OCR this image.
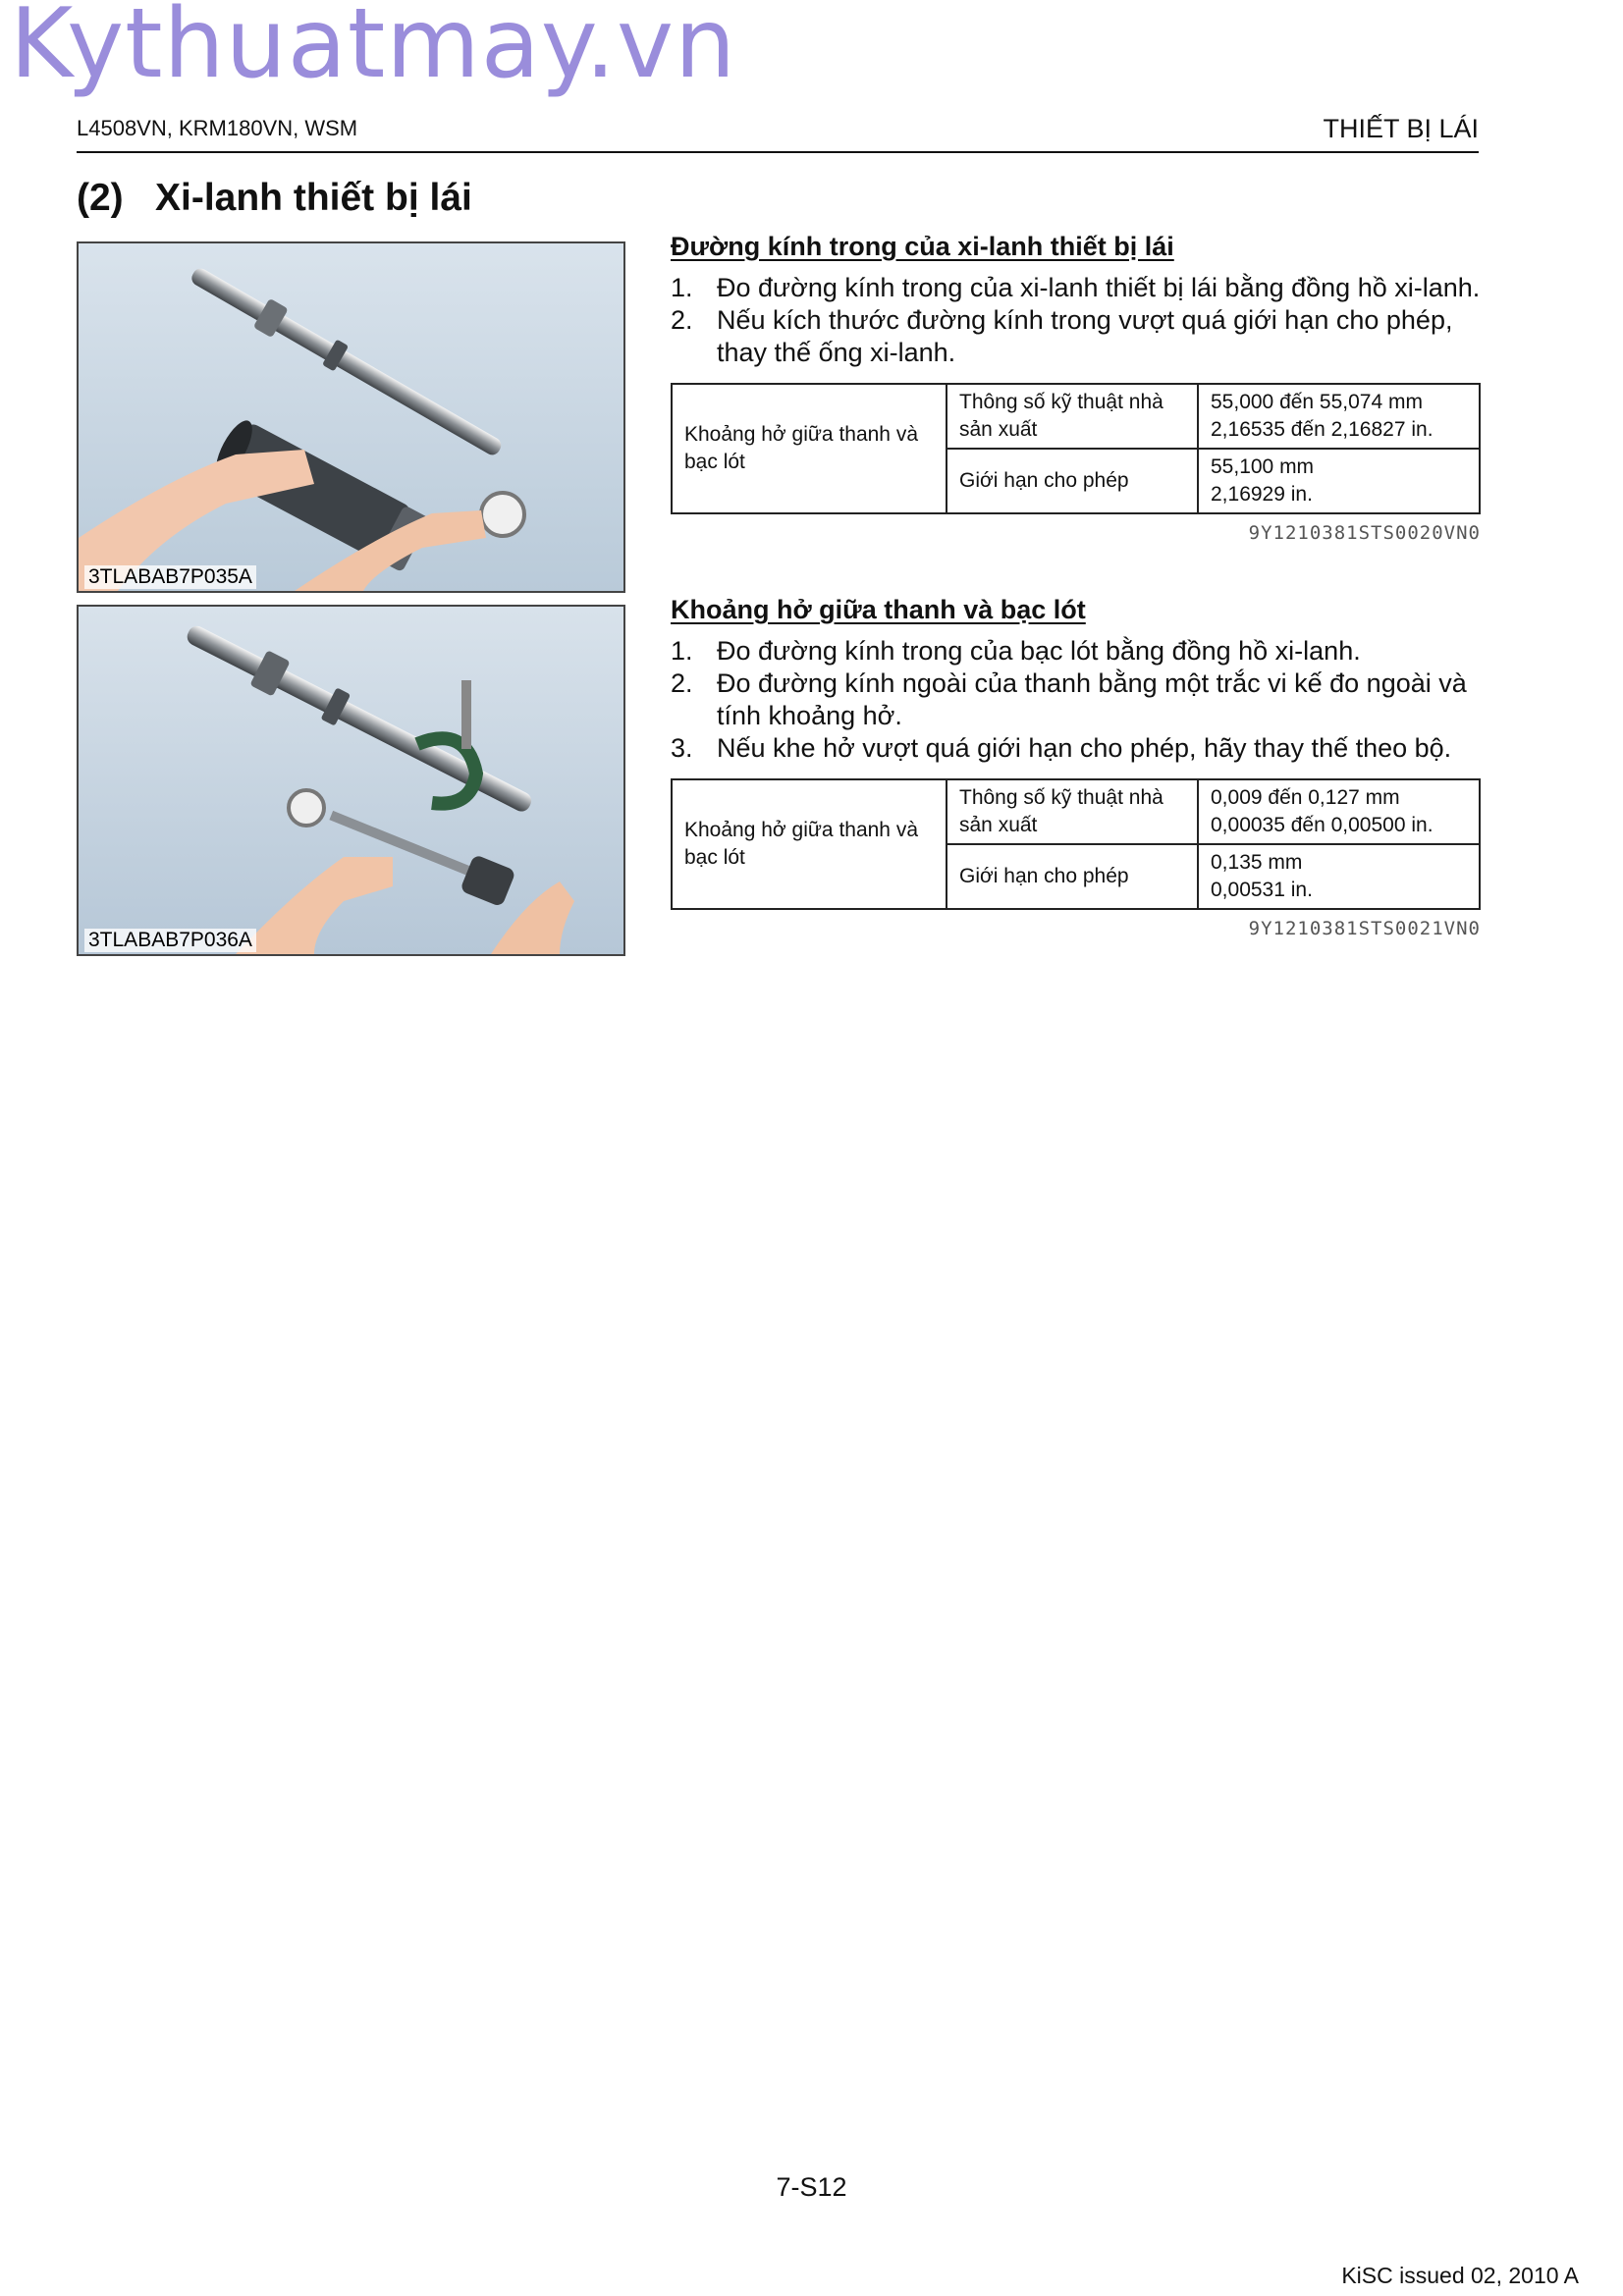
Kythuatmay.vn
L4508VN, KRM180VN, WSM	THIẾT BỊ LÁI
(2) Xi-lanh thiết bị lái
3TLABAB7P035A
3TLABAB7P036A
Đường kính trong của xi-lanh thiết bị lái
1. Đo đường kính trong của xi-lanh thiết bị lái bằng đồng hồ xi-lanh.
2. Nếu kích thước đường kính trong vượt quá giới hạn cho phép, thay thế ống xi-lanh.
Khoảng hở giữa thanh và bạc lót	Thông số kỹ thuật nhà sản xuất	55,000 đến 55,074 mm
2,16535 đến 2,16827 in.

	Giới hạn cho phép	55,100 mm
2,16929 in.
9Y1210381STS0020VN0
Khoảng hở giữa thanh và bạc lót
1. Đo đường kính trong của bạc lót bằng đồng hồ xi-lanh.
2. Đo đường kính ngoài của thanh bằng một trắc vi kế đo ngoài và tính khoảng hở.
3. Nếu khe hở vượt quá giới hạn cho phép, hãy thay thế theo bộ.
Khoảng hở giữa thanh và bạc lót	Thông số kỹ thuật nhà sản xuất	0,009 đến 0,127 mm
0,00035 đến 0,00500 in.

	Giới hạn cho phép	0,135 mm
0,00531 in.
9Y1210381STS0021VN0
7-S12
KiSC issued 02, 2010 A
